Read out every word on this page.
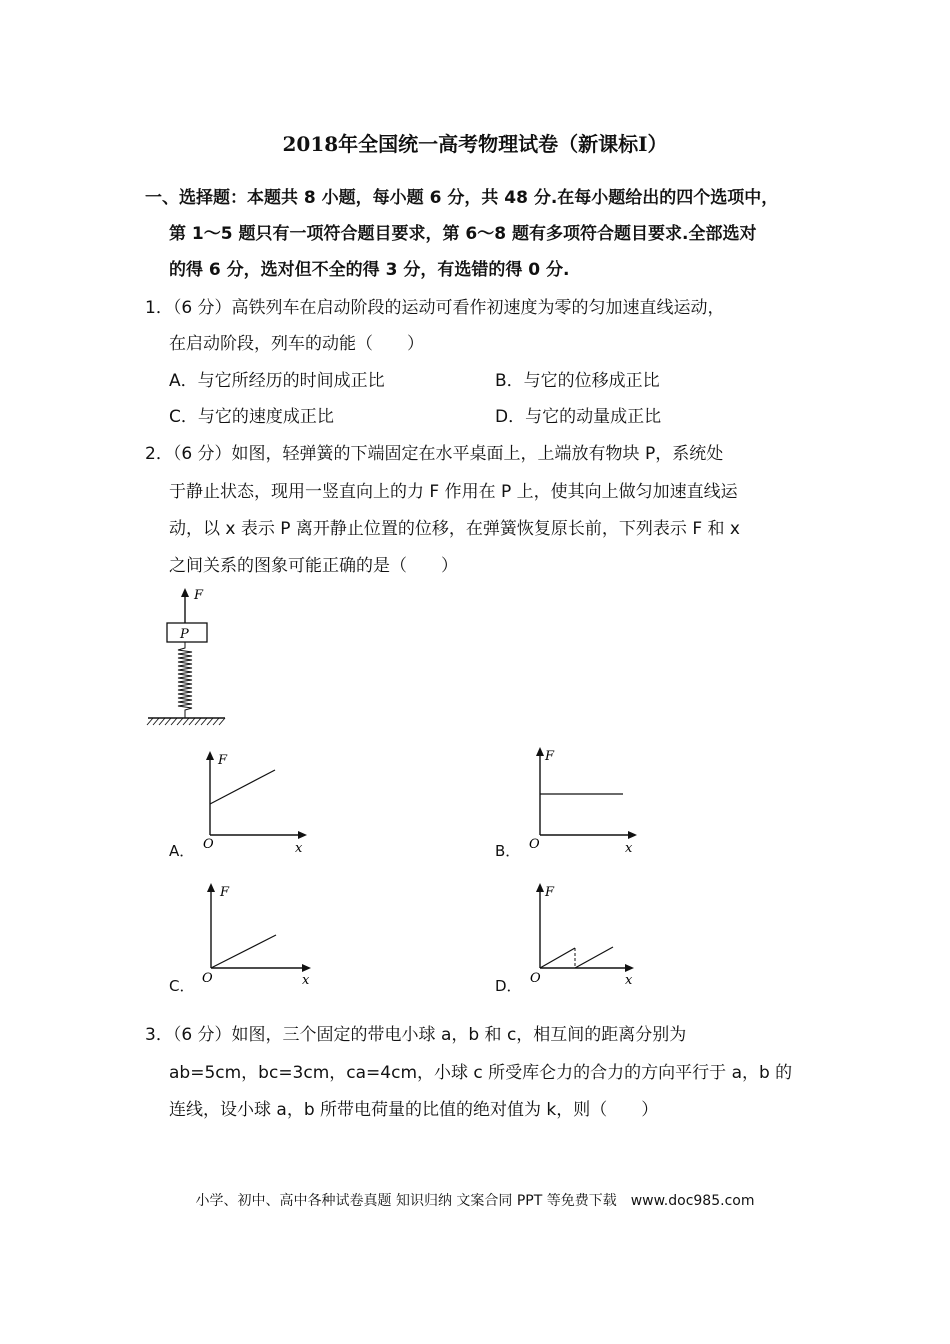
2018年全国统一高考物理试卷（新课标I）
一、选择题：本题共 8 小题，每小题 6 分，共 48 分.在每小题给出的四个选项中，
第 1～5 题只有一项符合题目要求，第 6～8 题有多项符合题目要求.全部选对
的得 6 分，选对但不全的得 3 分，有选错的得 0 分.
1．（6 分）高铁列车在启动阶段的运动可看作初速度为零的匀加速直线运动，
在启动阶段，列车的动能（　　）
A．与它所经历的时间成正比	B．与它的位移成正比
C．与它的速度成正比	D．与它的动量成正比
2．（6 分）如图，轻弹簧的下端固定在水平桌面上，上端放有物块 P，系统处
于静止状态，现用一竖直向上的力 F 作用在 P 上，使其向上做匀加速直线运
动，以 x 表示 P 离开静止位置的位移，在弹簧恢复原长前，下列表示 F 和 x
之间关系的图象可能正确的是（　　）
F
P
A．
F
x
O	B．
F
x
O
C．
F
x
O	D．
F
x
O
3．（6 分）如图，三个固定的带电小球 a，b 和 c，相互间的距离分别为
ab=5cm，bc=3cm，ca=4cm，小球 c 所受库仑力的合力的方向平行于 a，b 的
连线，设小球 a，b 所带电荷量的比值的绝对值为 k，则（　　）
小学、初中、高中各种试卷真题 知识归纳 文案合同 PPT 等免费下载　www.doc985.com
